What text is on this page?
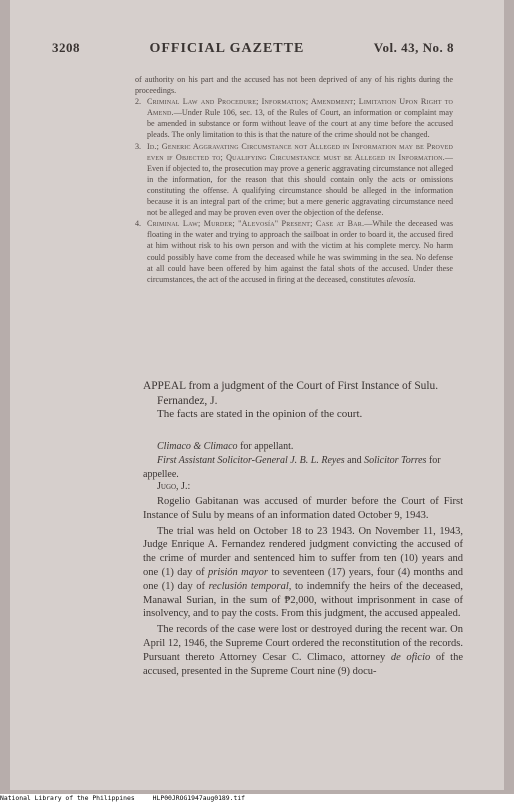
3208	OFFICIAL GAZETTE	Vol. 43, No. 8

of authority on his part and the accused has not been deprived of any of his rights during the proceedings.

2. Criminal Law and Procedure; Information; Amendment; Limitation Upon Right to Amend.—Under Rule 106, sec. 13, of the Rules of Court, an information or complaint may be amended in substance or form without leave of the court at any time before the accused pleads. The only limitation to this is that the nature of the crime should not be changed.

3. Id.; Generic Aggravating Circumstance not Alleged in Information may be Proved even if Objected to; Qualifying Circumstance must be Alleged in Information.—Even if objected to, the prosecution may prove a generic aggravating circumstance not alleged in the information, for the reason that this should contain only the acts or omissions constituting the offense. A qualifying circumstance should be alleged in the information because it is an integral part of the crime; but a mere generic aggravating circumstance need not be alleged and may be proven even over the objection of the defense.

4. Criminal Law; Murder; "Alevosía" Present; Case at Bar.—While the deceased was floating in the water and trying to approach the sailboat in order to board it, the accused fired at him without risk to his own person and with the victim at his complete mercy. No harm could possibly have come from the deceased while he was swimming in the sea. No defense at all could have been offered by him against the fatal shots of the accused. Under these circumstances, the act of the accused in firing at the deceased, constitutes alevosía.

APPEAL from a judgment of the Court of First Instance of Sulu. Fernandez, J.

The facts are stated in the opinion of the court.

Climaco & Climaco for appellant.

First Assistant Solicitor-General J. B. L. Reyes and Solicitor Torres for appellee.

Jugo, J.:

Rogelio Gabitanan was accused of murder before the Court of First Instance of Sulu by means of an information dated October 9, 1943.

The trial was held on October 18 to 23 1943. On November 11, 1943, Judge Enrique A. Fernandez rendered judgment convicting the accused of the crime of murder and sentenced him to suffer from ten (10) years and one (1) day of prisión mayor to seventeen (17) years, four (4) months and one (1) day of reclusión temporal, to indemnify the heirs of the deceased, Manawal Surian, in the sum of ₱2,000, without imprisonment in case of insolvency, and to pay the costs. From this judgment, the accused appealed.

The records of the case were lost or destroyed during the recent war. On April 12, 1946, the Supreme Court ordered the reconstitution of the records. Pursuant thereto Attorney Cesar C. Climaco, attorney de oficio of the accused, presented in the Supreme Court nine (9) docu-

National Library of the Philippines	HLP00JROG1947aug0189.tif
